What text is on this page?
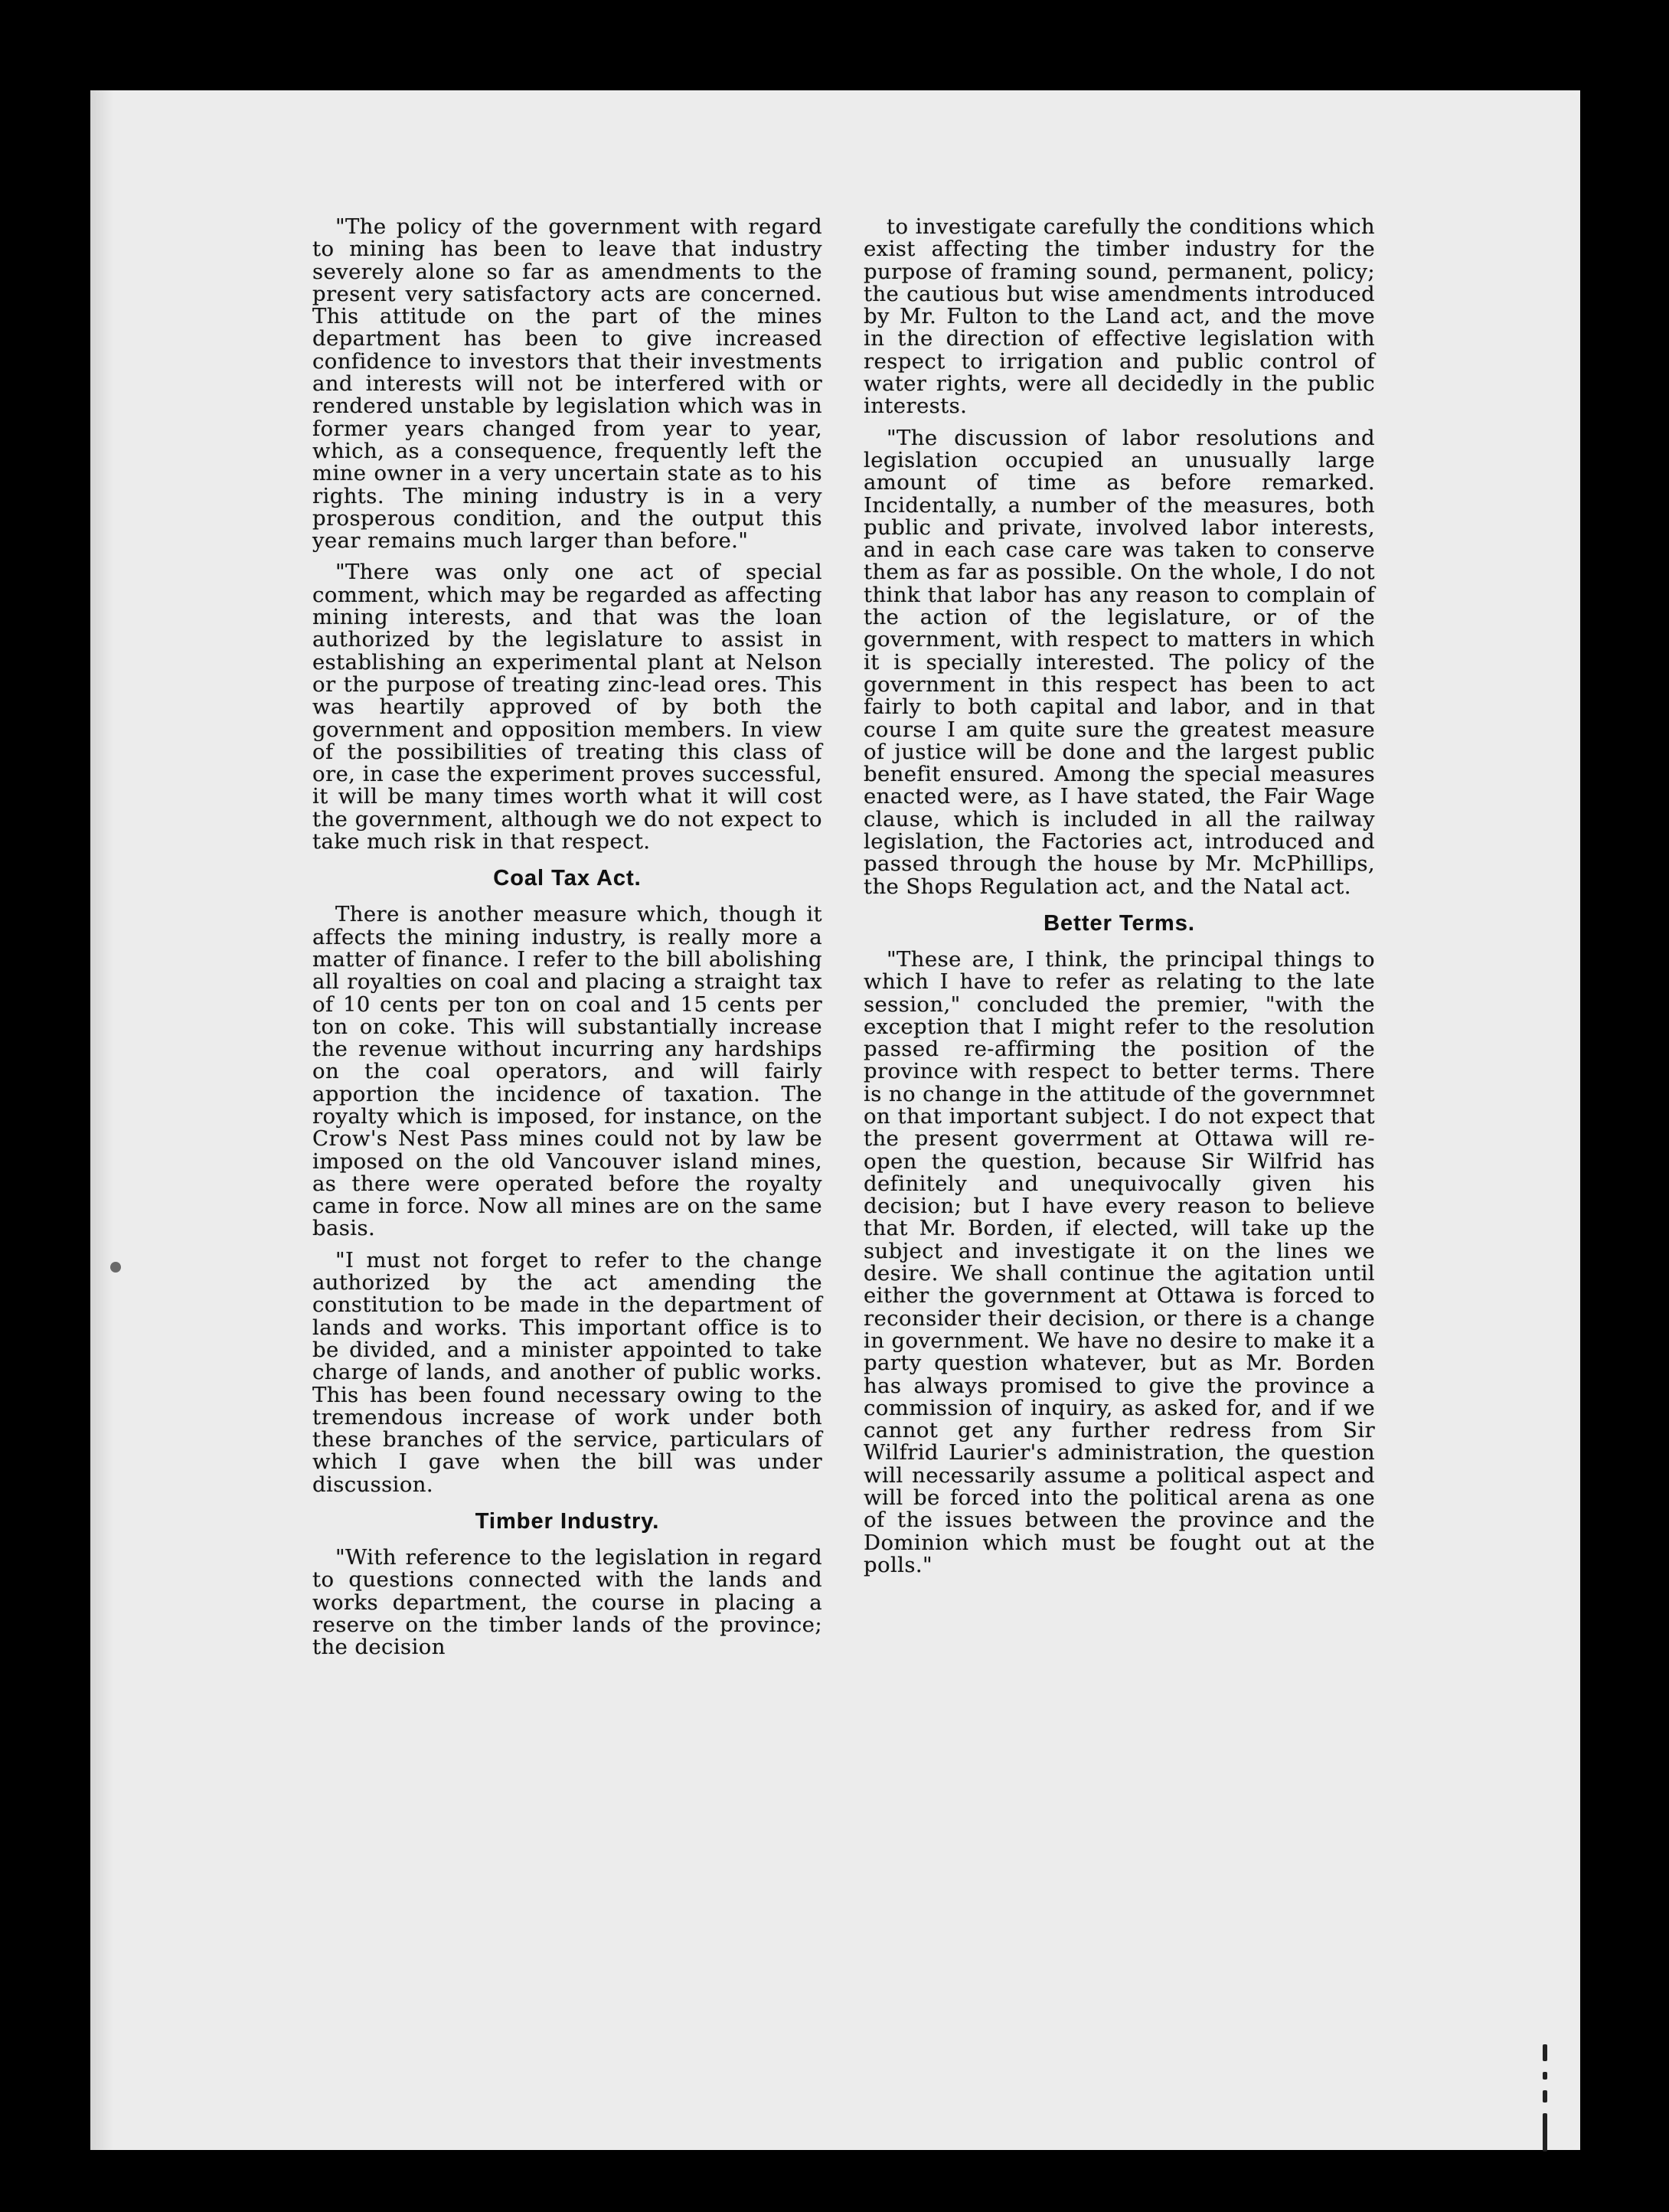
"The policy of the government with regard to mining has been to leave that industry severely alone so far as amendments to the present very satisfactory acts are concerned. This attitude on the part of the mines department has been to give increased confidence to investors that their investments and interests will not be interfered with or rendered unstable by legislation which was in former years changed from year to year, which, as a consequence, frequently left the mine owner in a very uncertain state as to his rights. The mining industry is in a very prosperous condition, and the output this year remains much larger than before."

"There was only one act of special comment, which may be regarded as affecting mining interests, and that was the loan authorized by the legislature to assist in establishing an experimental plant at Nelson or the purpose of treating zinc-lead ores. This was heartily approved of by both the government and opposition members. In view of the possibilities of treating this class of ore, in case the experiment proves successful, it will be many times worth what it will cost the government, although we do not expect to take much risk in that respect.

Coal Tax Act.

There is another measure which, though it affects the mining industry, is really more a matter of finance. I refer to the bill abolishing all royalties on coal and placing a straight tax of 10 cents per ton on coal and 15 cents per ton on coke. This will substantially increase the revenue without incurring any hardships on the coal operators, and will fairly apportion the incidence of taxation. The royalty which is imposed, for instance, on the Crow's Nest Pass mines could not by law be imposed on the old Vancouver island mines, as there were operated before the royalty came in force. Now all mines are on the same basis.

"I must not forget to refer to the change authorized by the act amending the constitution to be made in the department of lands and works. This important office is to be divided, and a minister appointed to take charge of lands, and another of public works. This has been found necessary owing to the tremendous increase of work under both these branches of the service, particulars of which I gave when the bill was under discussion.

Timber Industry.

"With reference to the legislation in regard to questions connected with the lands and works department, the course in placing a reserve on the timber lands of the province; the decision

to investigate carefully the conditions which exist affecting the timber industry for the purpose of framing sound, permanent, policy; the cautious but wise amendments introduced by Mr. Fulton to the Land act, and the move in the direction of effective legislation with respect to irrigation and public control of water rights, were all decidedly in the public interests.

"The discussion of labor resolutions and legislation occupied an unusually large amount of time as before remarked. Incidentally, a number of the measures, both public and private, involved labor interests, and in each case care was taken to conserve them as far as possible. On the whole, I do not think that labor has any reason to complain of the action of the legislature, or of the government, with respect to matters in which it is specially interested. The policy of the government in this respect has been to act fairly to both capital and labor, and in that course I am quite sure the greatest measure of justice will be done and the largest public benefit ensured. Among the special measures enacted were, as I have stated, the Fair Wage clause, which is included in all the railway legislation, the Factories act, introduced and passed through the house by Mr. McPhillips, the Shops Regulation act, and the Natal act.

Better Terms.

"These are, I think, the principal things to which I have to refer as relating to the late session," concluded the premier, "with the exception that I might refer to the resolution passed re-affirming the position of the province with respect to better terms. There is no change in the attitude of the governmnet on that important subject. I do not expect that the present goverrment at Ottawa will re-open the question, because Sir Wilfrid has definitely and unequivocally given his decision; but I have every reason to believe that Mr. Borden, if elected, will take up the subject and investigate it on the lines we desire. We shall continue the agitation until either the government at Ottawa is forced to reconsider their decision, or there is a change in government. We have no desire to make it a party question whatever, but as Mr. Borden has always promised to give the province a commission of inquiry, as asked for, and if we cannot get any further redress from Sir Wilfrid Laurier's administration, the question will necessarily assume a political aspect and will be forced into the political arena as one of the issues between the province and the Dominion which must be fought out at the polls."
